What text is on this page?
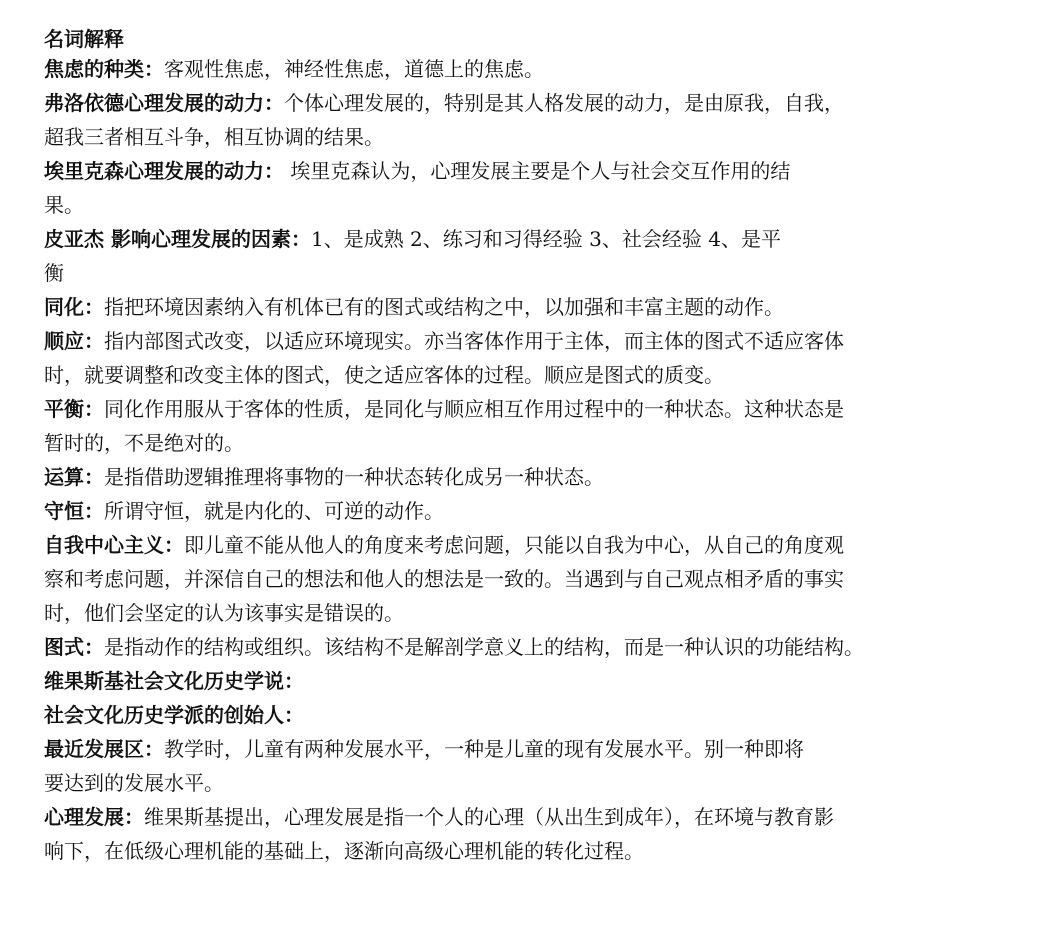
名词解释
焦虑的种类：客观性焦虑，神经性焦虑，道德上的焦虑。
弗洛依德心理发展的动力：个体心理发展的，特别是其人格发展的动力，是由原我，自我，
超我三者相互斗争，相互协调的结果。
埃里克森心理发展的动力： 埃里克森认为，心理发展主要是个人与社会交互作用的结
果。
皮亚杰 影响心理发展的因素：1、是成熟 2、练习和习得经验 3、社会经验 4、是平
衡
同化：指把环境因素纳入有机体已有的图式或结构之中，以加强和丰富主题的动作。
顺应：指内部图式改变，以适应环境现实。亦当客体作用于主体，而主体的图式不适应客体
时，就要调整和改变主体的图式，使之适应客体的过程。顺应是图式的质变。
平衡：同化作用服从于客体的性质，是同化与顺应相互作用过程中的一种状态。这种状态是
暂时的，不是绝对的。
运算：是指借助逻辑推理将事物的一种状态转化成另一种状态。
守恒：所谓守恒，就是内化的、可逆的动作。
自我中心主义：即儿童不能从他人的角度来考虑问题，只能以自我为中心，从自己的角度观
察和考虑问题，并深信自己的想法和他人的想法是一致的。当遇到与自己观点相矛盾的事实
时，他们会坚定的认为该事实是错误的。
图式：是指动作的结构或组织。该结构不是解剖学意义上的结构，而是一种认识的功能结构。
维果斯基社会文化历史学说：
社会文化历史学派的创始人：
最近发展区：教学时，儿童有两种发展水平，一种是儿童的现有发展水平。别一种即将
要达到的发展水平。
心理发展：维果斯基提出，心理发展是指一个人的心理（从出生到成年），在环境与教育影
响下，在低级心理机能的基础上，逐渐向高级心理机能的转化过程。
